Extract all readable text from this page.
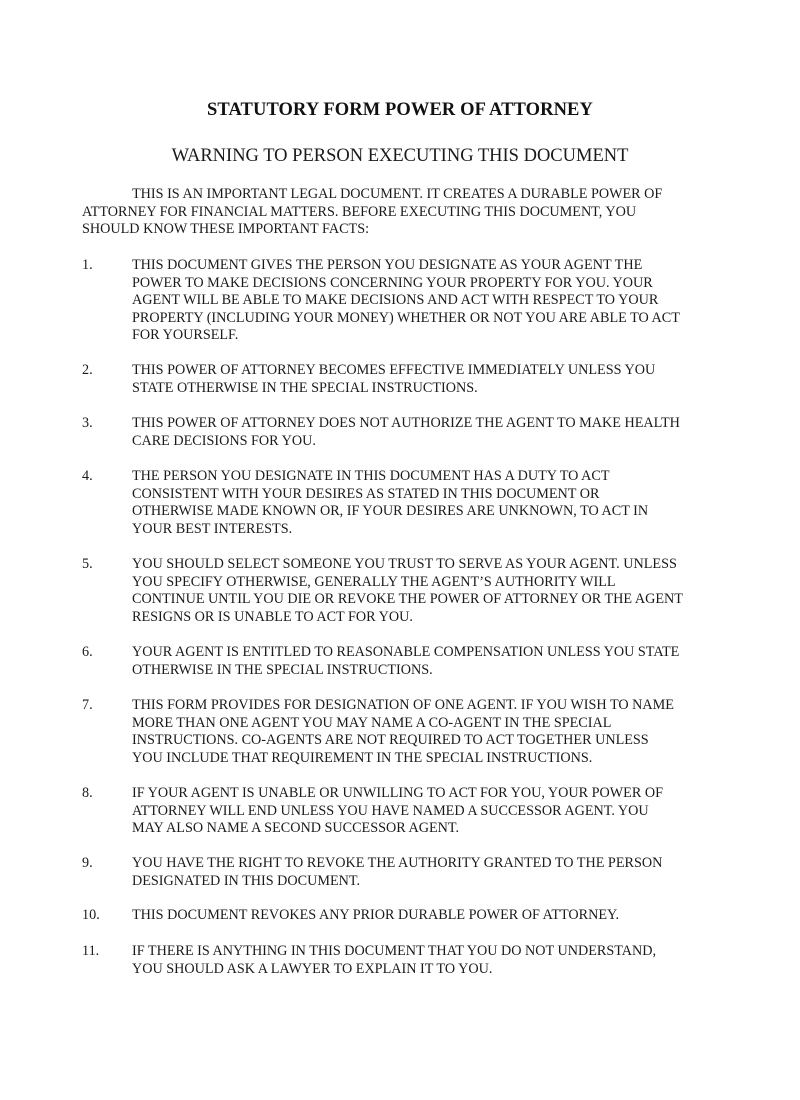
STATUTORY FORM POWER OF ATTORNEY
WARNING TO PERSON EXECUTING THIS DOCUMENT
THIS IS AN IMPORTANT LEGAL DOCUMENT. IT CREATES A DURABLE POWER OF
ATTORNEY FOR FINANCIAL MATTERS. BEFORE EXECUTING THIS DOCUMENT, YOU
SHOULD KNOW THESE IMPORTANT FACTS:
1.	THIS DOCUMENT GIVES THE PERSON YOU DESIGNATE AS YOUR AGENT THE
POWER TO MAKE DECISIONS CONCERNING YOUR PROPERTY FOR YOU. YOUR
AGENT WILL BE ABLE TO MAKE DECISIONS AND ACT WITH RESPECT TO YOUR
PROPERTY (INCLUDING YOUR MONEY) WHETHER OR NOT YOU ARE ABLE TO ACT
FOR YOURSELF.
2.	THIS POWER OF ATTORNEY BECOMES EFFECTIVE IMMEDIATELY UNLESS YOU
STATE OTHERWISE IN THE SPECIAL INSTRUCTIONS.
3.	THIS POWER OF ATTORNEY DOES NOT AUTHORIZE THE AGENT TO MAKE HEALTH
CARE DECISIONS FOR YOU.
4.	THE PERSON YOU DESIGNATE IN THIS DOCUMENT HAS A DUTY TO ACT
CONSISTENT WITH YOUR DESIRES AS STATED IN THIS DOCUMENT OR
OTHERWISE MADE KNOWN OR, IF YOUR DESIRES ARE UNKNOWN, TO ACT IN
YOUR BEST INTERESTS.
5.	YOU SHOULD SELECT SOMEONE YOU TRUST TO SERVE AS YOUR AGENT. UNLESS
YOU SPECIFY OTHERWISE, GENERALLY THE AGENT’S AUTHORITY WILL
CONTINUE UNTIL YOU DIE OR REVOKE THE POWER OF ATTORNEY OR THE AGENT
RESIGNS OR IS UNABLE TO ACT FOR YOU.
6.	YOUR AGENT IS ENTITLED TO REASONABLE COMPENSATION UNLESS YOU STATE
OTHERWISE IN THE SPECIAL INSTRUCTIONS.
7.	THIS FORM PROVIDES FOR DESIGNATION OF ONE AGENT. IF YOU WISH TO NAME
MORE THAN ONE AGENT YOU MAY NAME A CO-AGENT IN THE SPECIAL
INSTRUCTIONS. CO-AGENTS ARE NOT REQUIRED TO ACT TOGETHER UNLESS
YOU INCLUDE THAT REQUIREMENT IN THE SPECIAL INSTRUCTIONS.
8.	IF YOUR AGENT IS UNABLE OR UNWILLING TO ACT FOR YOU, YOUR POWER OF
ATTORNEY WILL END UNLESS YOU HAVE NAMED A SUCCESSOR AGENT. YOU
MAY ALSO NAME A SECOND SUCCESSOR AGENT.
9.	YOU HAVE THE RIGHT TO REVOKE THE AUTHORITY GRANTED TO THE PERSON
DESIGNATED IN THIS DOCUMENT.
10.	THIS DOCUMENT REVOKES ANY PRIOR DURABLE POWER OF ATTORNEY.
11.	IF THERE IS ANYTHING IN THIS DOCUMENT THAT YOU DO NOT UNDERSTAND,
YOU SHOULD ASK A LAWYER TO EXPLAIN IT TO YOU.
